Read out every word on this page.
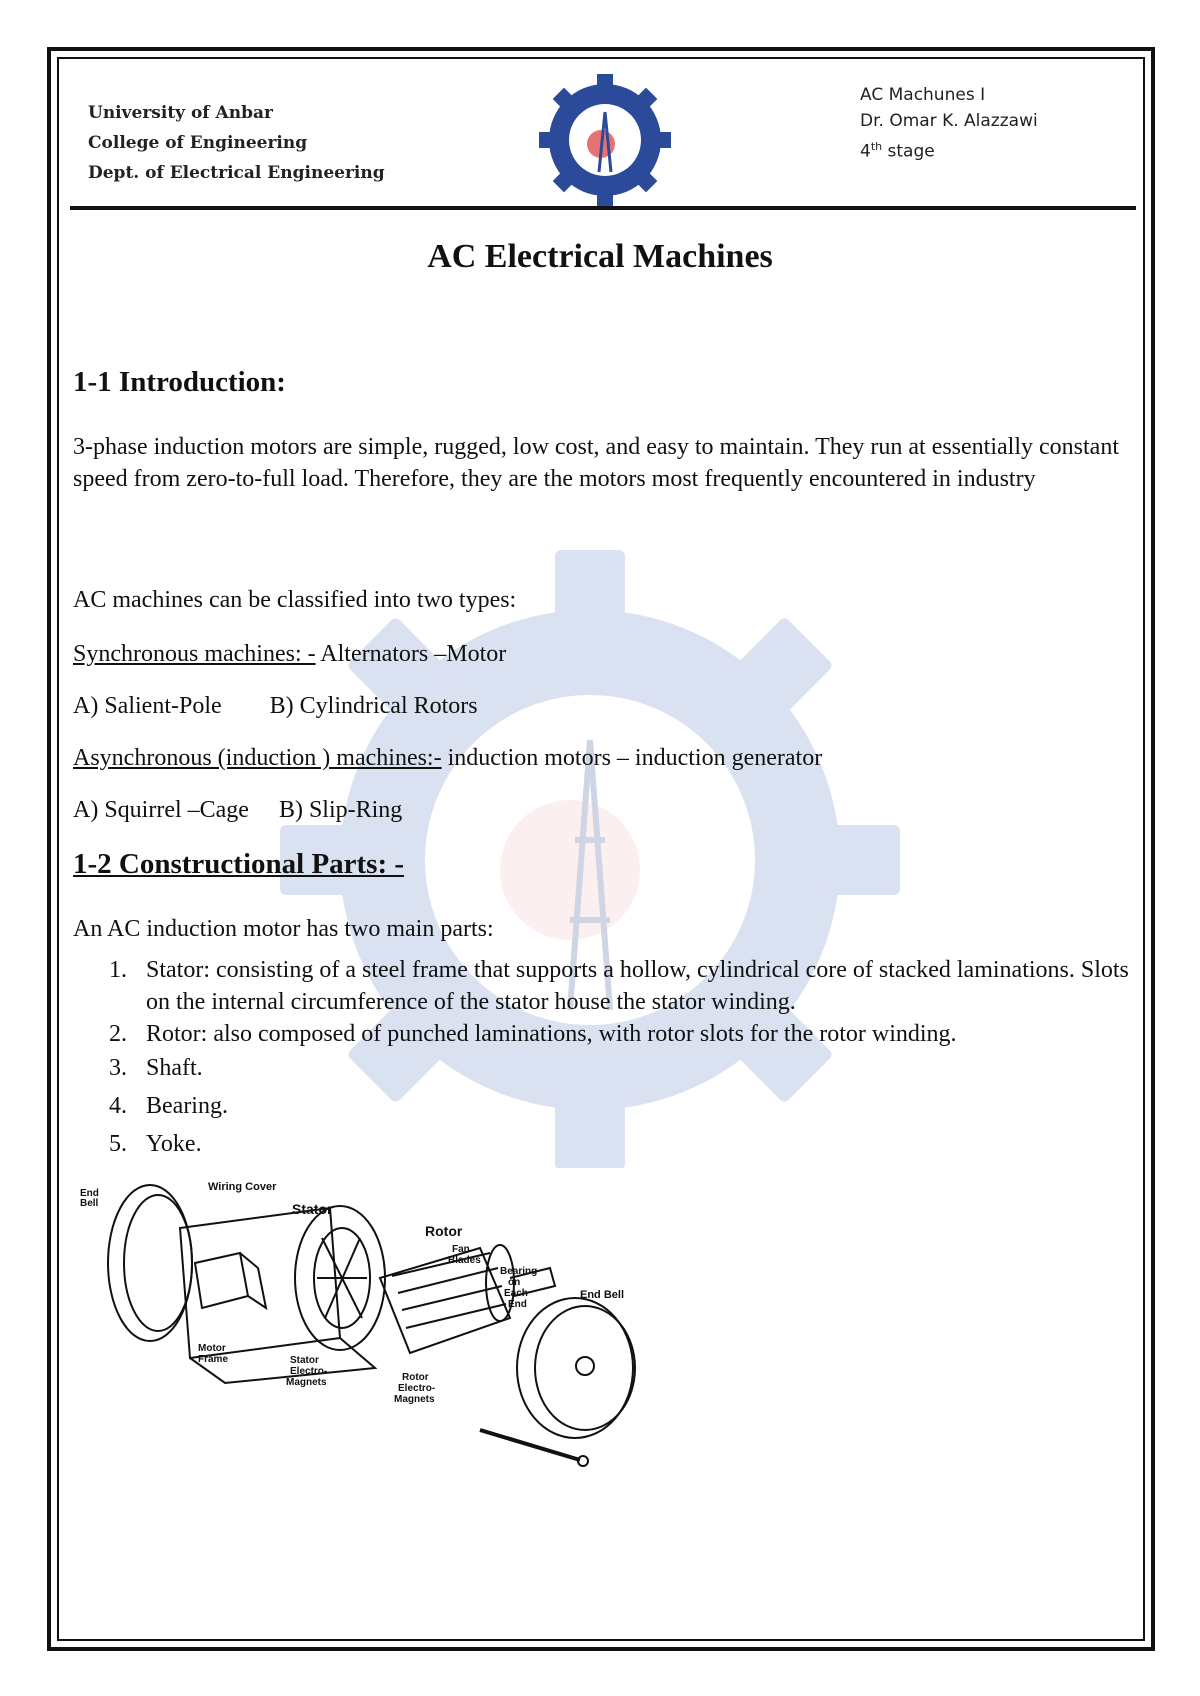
University of Anbar
College of Engineering
Dept. of Electrical Engineering
AC Machunes I
Dr. Omar K. Alazzawi
4th stage
AC Electrical Machines
1-1 Introduction:
3-phase induction motors are simple, rugged, low cost, and easy to maintain. They run at essentially constant speed from zero-to-full load. Therefore, they are the motors most frequently encountered in industry
AC machines can be classified into two types:
Synchronous machines: - Alternators –Motor
A) Salient-Pole        B) Cylindrical Rotors
Asynchronous (induction ) machines:- induction motors – induction generator
A) Squirrel –Cage     B) Slip-Ring
1-2 Constructional Parts: -
An AC induction motor has two main parts:
1. Stator: consisting of a steel frame that supports a hollow, cylindrical core of stacked laminations. Slots on the internal circumference of the stator house the stator winding.
2. Rotor: also composed of punched laminations, with rotor slots for the rotor winding.
3. Shaft.
4. Bearing.
5. Yoke.
End Bell
Wiring Cover
Stator
Rotor
Fan Blades
Bearing on Each End
End Bell
Motor Frame	Stator Electro-Magnets	Rotor Electro-Magnets
